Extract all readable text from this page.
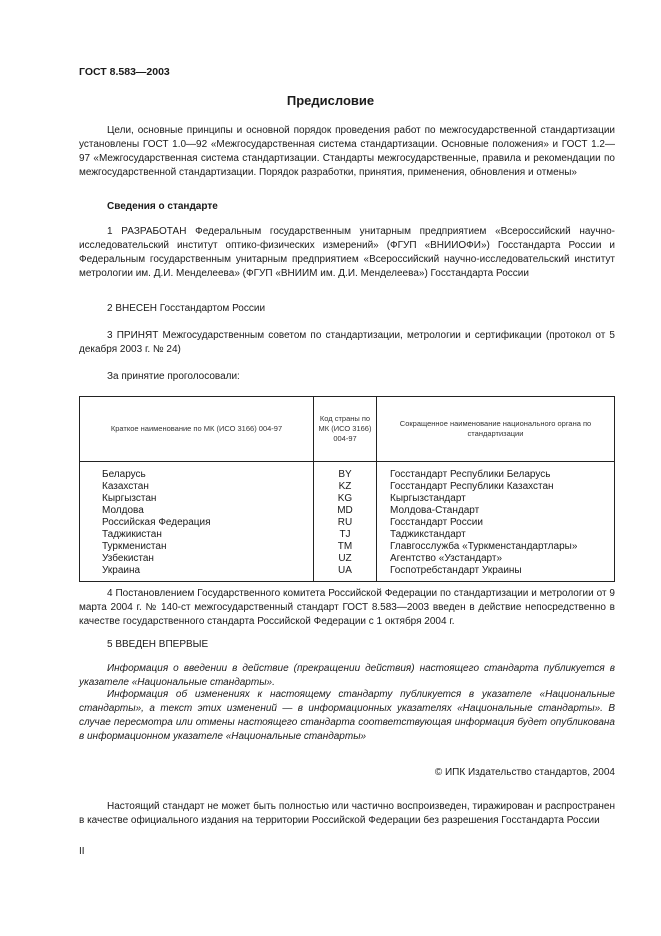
ГОСТ 8.583—2003
Предисловие
Цели, основные принципы и основной порядок проведения работ по межгосударственной стандартизации установлены ГОСТ 1.0—92 «Межгосударственная система стандартизации. Основные положения» и ГОСТ 1.2—97 «Межгосударственная система стандартизации. Стандарты межгосударственные, правила и рекомендации по межгосударственной стандартизации. Порядок разработки, принятия, применения, обновления и отмены»
Сведения о стандарте
1 РАЗРАБОТАН Федеральным государственным унитарным предприятием «Всероссийский научно-исследовательский институт оптико-физических измерений» (ФГУП «ВНИИОФИ») Госстандарта России и Федеральным государственным унитарным предприятием «Всероссийский научно-исследовательский институт метрологии им. Д.И. Менделеева» (ФГУП «ВНИИМ им. Д.И. Менделеева») Госстандарта России
2 ВНЕСЕН Госстандартом России
3 ПРИНЯТ Межгосударственным советом по стандартизации, метрологии и сертификации (протокол от 5 декабря 2003 г. № 24)
За принятие проголосовали:
Краткое наименование по МК (ИСО 3166) 004-97	Код страны по МК (ИСО 3166) 004-97	Сокращенное наименование национального органа по стандартизации
Беларусь	BY	Госстандарт Республики Беларусь
Казахстан	KZ	Госстандарт Республики Казахстан
Кыргызстан	KG	Кыргызстандарт
Молдова	MD	Молдова-Стандарт
Российская Федерация	RU	Госстандарт России
Таджикистан	TJ	Таджикстандарт
Туркменистан	TM	Главгосслужба «Туркменстандартлары»
Узбекистан	UZ	Агентство «Узстандарт»
Украина	UA	Госпотребстандарт Украины
4 Постановлением Государственного комитета Российской Федерации по стандартизации и метрологии от 9 марта 2004 г. № 140-ст межгосударственный стандарт ГОСТ 8.583—2003 введен в действие непосредственно в качестве государственного стандарта Российской Федерации с 1 октября 2004 г.
5 ВВЕДЕН ВПЕРВЫЕ
Информация о введении в действие (прекращении действия) настоящего стандарта публикуется в указателе «Национальные стандарты».
Информация об изменениях к настоящему стандарту публикуется в указателе «Национальные стандарты», а текст этих изменений — в информационных указателях «Национальные стандарты». В случае пересмотра или отмены настоящего стандарта соответствующая информация будет опубликована в информационном указателе «Национальные стандарты»
© ИПК Издательство стандартов, 2004
Настоящий стандарт не может быть полностью или частично воспроизведен, тиражирован и распространен в качестве официального издания на территории Российской Федерации без разрешения Госстандарта России
II
